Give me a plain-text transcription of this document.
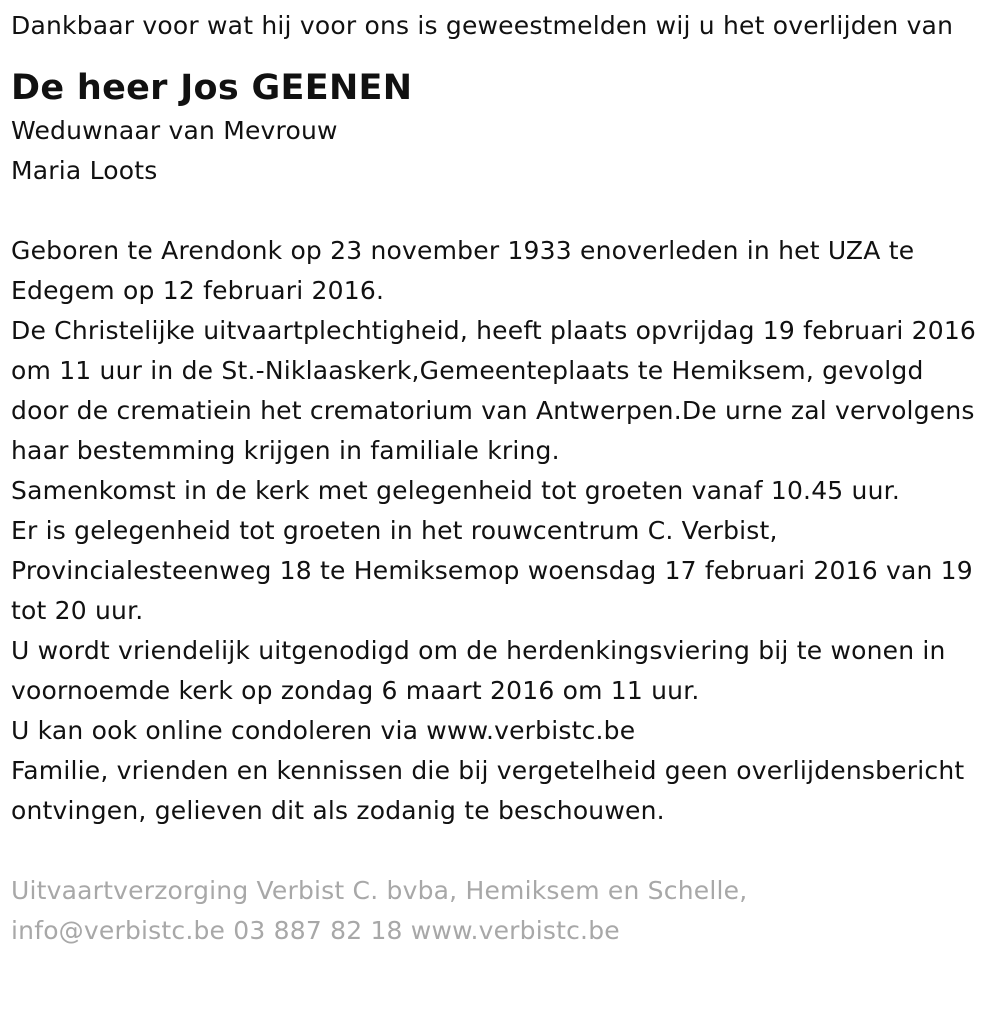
Dankbaar voor wat hij voor ons is geweestmelden wij u het overlijden van

De heer Jos GEENEN
Weduwnaar van Mevrouw
Maria Loots
Geboren te Arendonk op 23 november 1933 enoverleden in het UZA te Edegem op 12 februari 2016.
De Christelijke uitvaartplechtigheid, heeft plaats opvrijdag 19 februari 2016 om 11 uur in de St.-Niklaaskerk,Gemeenteplaats te Hemiksem, gevolgd door de crematiein het crematorium van Antwerpen.De urne zal vervolgens haar bestemming krijgen in familiale kring.
Samenkomst in de kerk met gelegenheid tot groeten vanaf 10.45 uur.
Er is gelegenheid tot groeten in het rouwcentrum C. Verbist, Provincialesteenweg 18 te Hemiksemop woensdag 17 februari 2016 van 19 tot 20 uur.
U wordt vriendelijk uitgenodigd om de herdenkingsviering bij te wonen in voornoemde kerk op zondag 6 maart 2016 om 11 uur.
U kan ook online condoleren via www.verbistc.be
Familie, vrienden en kennissen die bij vergetelheid geen overlijdensbericht ontvingen, gelieven dit als zodanig te beschouwen.
Uitvaartverzorging Verbist C. bvba, Hemiksem en Schelle,
info@verbistc.be 03 887 82 18 www.verbistc.be
